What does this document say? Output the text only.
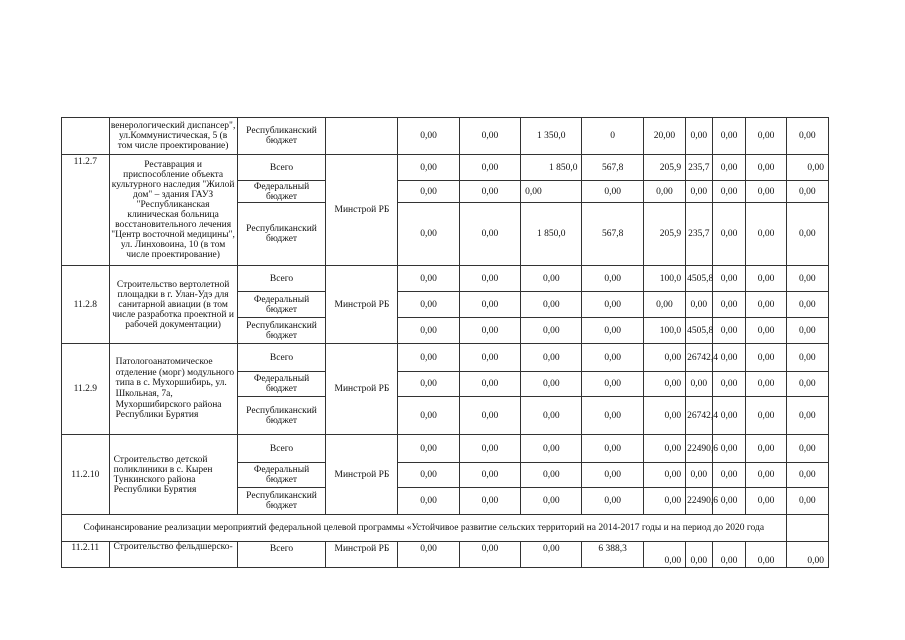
	венерологический диспансер", ул.Коммунистическая, 5 (в том числе проектирование)	Республиканский бюджет		0,00	0,00	1 350,0	0	20,00	0,00	0,00	0,00	0,00
11.2.7	Реставрация и приспособление объекта культурного наследия "Жилой дом" – здания ГАУЗ "Республиканская клиническая больница восстановительного лечения "Центр восточной медицины", ул. Линховоина, 10 (в том числе проектирование)	Всего	Минстрой РБ	0,00	0,00	1 850,0	567,8	205,9	235,7	0,00	0,00	0,00
		Федеральный бюджет		0,00	0,00	0,00	0,00	0,00	0,00	0,00	0,00	0,00
		Республиканский бюджет		0,00	0,00	1 850,0	567,8	205,9	235,7	0,00	0,00	0,00
11.2.8	Строительство вертолетной площадки в г. Улан-Удэ для санитарной авиации (в том числе разработка проектной и рабочей документации)	Всего	Минстрой РБ	0,00	0,00	0,00	0,00	100,0	4505,8	0,00	0,00	0,00
		Федеральный бюджет		0,00	0,00	0,00	0,00	0,00	0,00	0,00	0,00	0,00
		Республиканский бюджет		0,00	0,00	0,00	0,00	100,0	4505,8	0,00	0,00	0,00
11.2.9	Патологоанатомическое отделение (морг) модульного типа в с. Мухоршибирь, ул. Школьная, 7а, Мухоршибирского района Республики Бурятия	Всего	Минстрой РБ	0,00	0,00	0,00	0,00	0,00	26742,4	0,00	0,00	0,00
		Федеральный бюджет		0,00	0,00	0,00	0,00	0,00	0,00	0,00	0,00	0,00
		Республиканский бюджет		0,00	0,00	0,00	0,00	0,00	26742,4	0,00	0,00	0,00
11.2.10	Строительство детской поликлиники в с. Кырен Тункинского района Республики Бурятия	Всего	Минстрой РБ	0,00	0,00	0,00	0,00	0,00	22490,6	0,00	0,00	0,00
		Федеральный бюджет		0,00	0,00	0,00	0,00	0,00	0,00	0,00	0,00	0,00
		Республиканский бюджет		0,00	0,00	0,00	0,00	0,00	22490,6	0,00	0,00	0,00
Софинансирование реализации мероприятий федеральной целевой программы «Устойчивое развитие сельских территорий на 2014-2017 годы и на период до 2020 года												
11.2.11	Строительство фельдшерско-	Всего	Минстрой РБ	0,00	0,00	0,00	6 388,3	0,00	0,00	0,00	0,00	0,00
